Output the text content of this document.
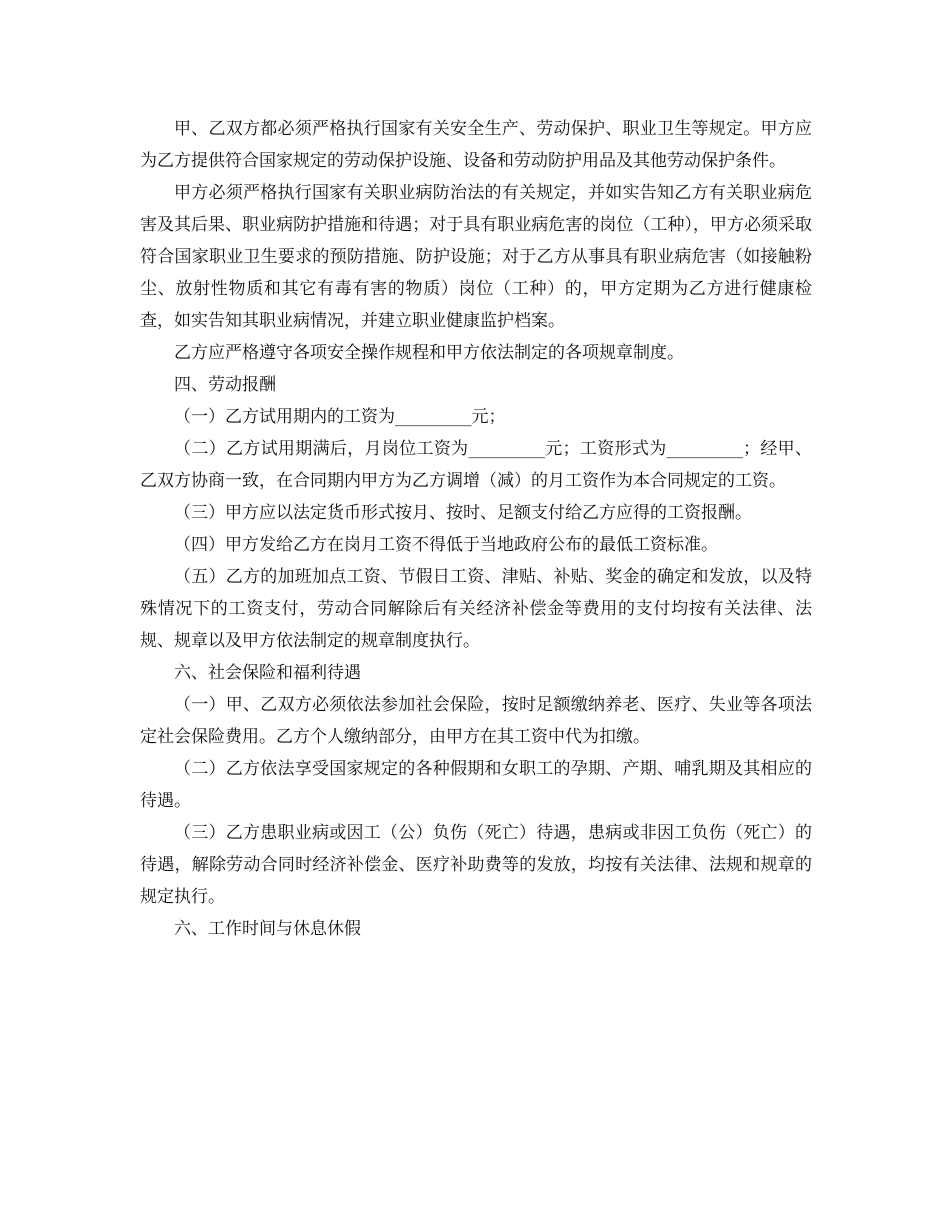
甲、乙双方都必须严格执行国家有关安全生产、劳动保护、职业卫生等规定。甲方应为乙方提供符合国家规定的劳动保护设施、设备和劳动防护用品及其他劳动保护条件。

甲方必须严格执行国家有关职业病防治法的有关规定，并如实告知乙方有关职业病危害及其后果、职业病防护措施和待遇；对于具有职业病危害的岗位（工种），甲方必须采取符合国家职业卫生要求的预防措施、防护设施；对于乙方从事具有职业病危害（如接触粉尘、放射性物质和其它有毒有害的物质）岗位（工种）的，甲方定期为乙方进行健康检查，如实告知其职业病情况，并建立职业健康监护档案。

乙方应严格遵守各项安全操作规程和甲方依法制定的各项规章制度。

四、劳动报酬

（一）乙方试用期内的工资为_________元；

（二）乙方试用期满后，月岗位工资为_________元；工资形式为_________；经甲、乙双方协商一致，在合同期内甲方为乙方调增（减）的月工资作为本合同规定的工资。

（三）甲方应以法定货币形式按月、按时、足额支付给乙方应得的工资报酬。

（四）甲方发给乙方在岗月工资不得低于当地政府公布的最低工资标准。

（五）乙方的加班加点工资、节假日工资、津贴、补贴、奖金的确定和发放，以及特殊情况下的工资支付，劳动合同解除后有关经济补偿金等费用的支付均按有关法律、法规、规章以及甲方依法制定的规章制度执行。

六、社会保险和福利待遇

（一）甲、乙双方必须依法参加社会保险，按时足额缴纳养老、医疗、失业等各项法定社会保险费用。乙方个人缴纳部分，由甲方在其工资中代为扣缴。

（二）乙方依法享受国家规定的各种假期和女职工的孕期、产期、哺乳期及其相应的待遇。

（三）乙方患职业病或因工（公）负伤（死亡）待遇，患病或非因工负伤（死亡）的待遇，解除劳动合同时经济补偿金、医疗补助费等的发放，均按有关法律、法规和规章的规定执行。

六、工作时间与休息休假
